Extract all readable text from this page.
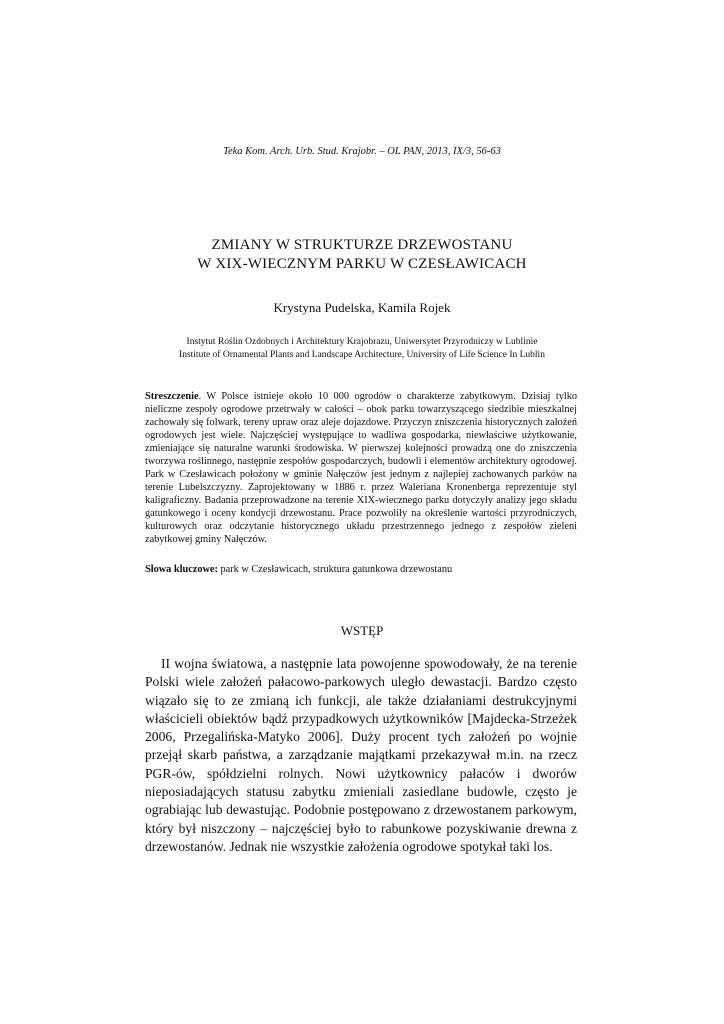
Teka Kom. Arch. Urb. Stud. Krajobr. – OL PAN, 2013, IX/3, 56-63
ZMIANY W STRUKTURZE DRZEWOSTANU
W XIX-WIECZNYM PARKU W CZESŁAWICACH
Krystyna Pudelska, Kamila Rojek
Instytut Roślin Ozdobnych i Architektury Krajobrazu, Uniwersytet Przyrodniczy w Lublinie
Institute of Ornamental Plants and Landscape Architecture, University of Life Science In Lublin
Streszczenie. W Polsce istnieje około 10 000 ogrodów o charakterze zabytkowym. Dzisiaj tylko nieliczne zespoły ogrodowe przetrwały w całości – obok parku towarzyszącego siedzibie mieszkalnej zachowały się folwark, tereny upraw oraz aleje dojazdowe. Przyczyn zniszczenia historycznych założeń ogrodowych jest wiele. Najczęściej występujące to wadliwa gospodarka, niewłaściwe użytkowanie, zmieniające się naturalne warunki środowiska. W pierwszej kolejności prowadzą one do zniszczenia tworzywa roślinnego, następnie zespołów gospodarczych, budowli i elementów architektury ogrodowej. Park w Czesławicach położony w gminie Nałęczów jest jednym z najlepiej zachowanych parków na terenie Lubelszczyzny. Zaprojektowany w 1886 r. przez Waleriana Kronenberga reprezentuje styl kaligraficzny. Badania przeprowadzone na terenie XIX-wiecznego parku dotyczyły analizy jego składu gatunkowego i oceny kondycji drzewostanu. Prace pozwoliły na określenie wartości przyrodniczych, kulturowych oraz odczytanie historycznego układu przestrzennego jednego z zespołów zieleni zabytkowej gminy Nałęczów.
Słowa kluczowe: park w Czesławicach, struktura gatunkowa drzewostanu
WSTĘP
II wojna światowa, a następnie lata powojenne spowodowały, że na terenie Polski wiele założeń pałacowo-parkowych uległo dewastacji. Bardzo często wiązało się to ze zmianą ich funkcji, ale także działaniami destrukcyjnymi właścicieli obiektów bądź przypadkowych użytkowników [Majdecka-Strzeżek 2006, Przegalińska-Matyko 2006]. Duży procent tych założeń po wojnie przejął skarb państwa, a zarządzanie majątkami przekazywał m.in. na rzecz PGR-ów, spółdzielni rolnych. Nowi użytkownicy pałaców i dworów nieposiadających statusu zabytku zmieniali zasiedlane budowle, często je ograbiając lub dewastując. Podobnie postępowano z drzewostanem parkowym, który był niszczony – najczęściej było to rabunkowe pozyskiwanie drewna z drzewostanów. Jednak nie wszystkie założenia ogrodowe spotykał taki los.
